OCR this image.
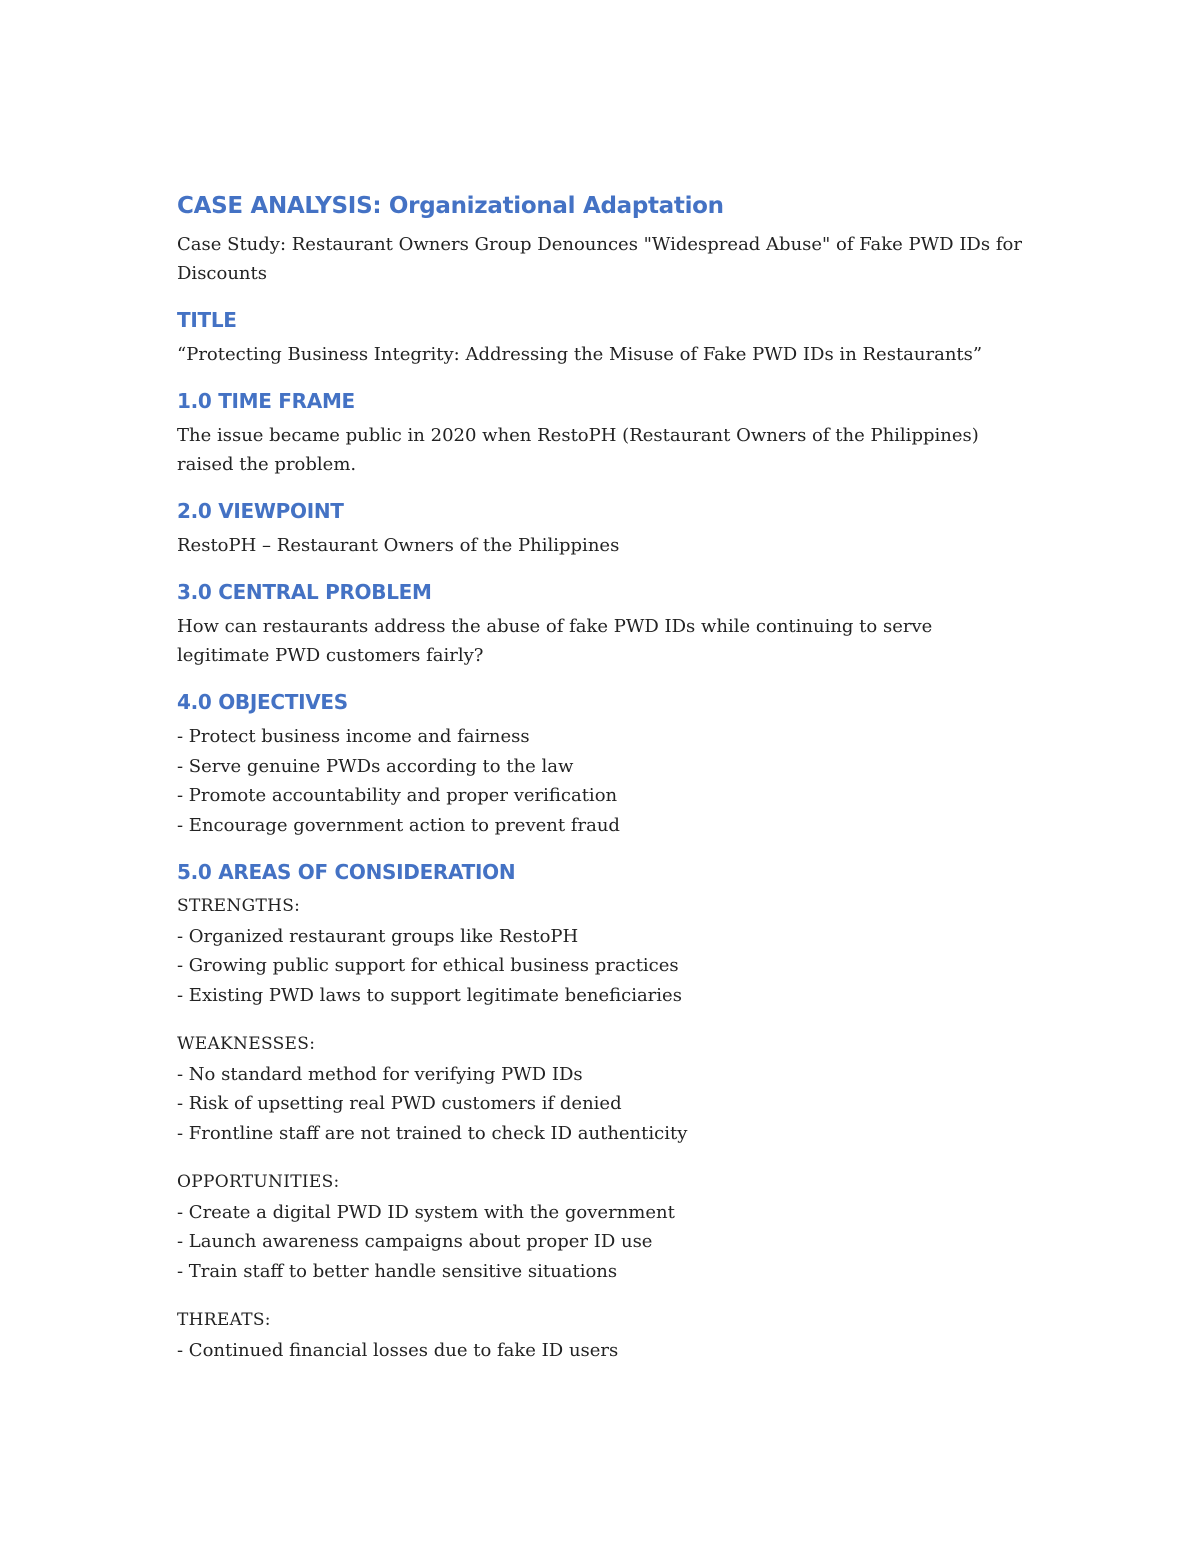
CASE ANALYSIS: Organizational Adaptation

Case Study: Restaurant Owners Group Denounces "Widespread Abuse" of Fake PWD IDs for Discounts

TITLE

“Protecting Business Integrity: Addressing the Misuse of Fake PWD IDs in Restaurants”

1.0 TIME FRAME

The issue became public in 2020 when RestoPH (Restaurant Owners of the Philippines) raised the problem.

2.0 VIEWPOINT

RestoPH – Restaurant Owners of the Philippines

3.0 CENTRAL PROBLEM

How can restaurants address the abuse of fake PWD IDs while continuing to serve legitimate PWD customers fairly?

4.0 OBJECTIVES

- Protect business income and fairness

- Serve genuine PWDs according to the law

- Promote accountability and proper verification

- Encourage government action to prevent fraud

5.0 AREAS OF CONSIDERATION

STRENGTHS:

- Organized restaurant groups like RestoPH

- Growing public support for ethical business practices

- Existing PWD laws to support legitimate beneficiaries

WEAKNESSES:

- No standard method for verifying PWD IDs

- Risk of upsetting real PWD customers if denied

- Frontline staff are not trained to check ID authenticity

OPPORTUNITIES:

- Create a digital PWD ID system with the government

- Launch awareness campaigns about proper ID use

- Train staff to better handle sensitive situations

THREATS:

- Continued financial losses due to fake ID users
